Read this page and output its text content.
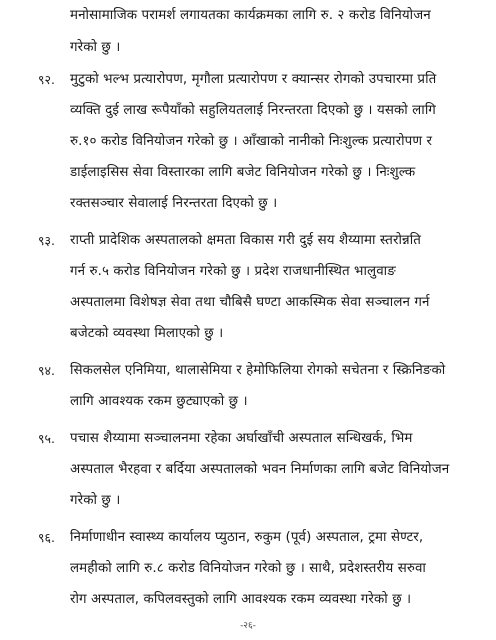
मनोसामाजिक परामर्श लगायतका कार्यक्रमका लागि रु. २ करोड विनियोजन
गरेको छु ।
९२. मुटुको भल्भ प्रत्यारोपण, मृगौला प्रत्यारोपण र क्यान्सर रोगको उपचारमा प्रति
व्यक्ति दुई लाख रूपैयाँको सहुलियतलाई निरन्तरता दिएको छु । यसको लागि
रु.१० करोड विनियोजन गरेको छु । आँखाको नानीको निःशुल्क प्रत्यारोपण र
डाईलाइसिस सेवा विस्तारका लागि बजेट विनियोजन गरेको छु । निःशुल्क
रक्तसञ्चार सेवालाई निरन्तरता दिएको छु ।
९३. राप्ती प्रादेशिक अस्पतालको क्षमता विकास गरी दुई सय शैय्यामा स्तरोन्नति
गर्न रु.५ करोड विनियोजन गरेको छु । प्रदेश राजधानीस्थित भालुवाङ
अस्पतालमा विशेषज्ञ सेवा तथा चौबिसै घण्टा आकस्मिक सेवा सञ्चालन गर्न
बजेटको व्यवस्था मिलाएको छु ।
९४. सिकलसेल एनिमिया, थालासेमिया र हेमोफिलिया रोगको सचेतना र स्क्रिनिङको
लागि आवश्यक रकम छुट्याएको छु ।
९५. पचास शैय्यामा सञ्चालनमा रहेका अर्घाखाँची अस्पताल सन्धिखर्क, भिम
अस्पताल भैरहवा र बर्दिया अस्पतालको भवन निर्माणका लागि बजेट विनियोजन
गरेको छु ।
९६. निर्माणाधीन स्वास्थ्य कार्यालय प्युठान, रुकुम (पूर्व) अस्पताल, ट्रमा सेण्टर,
लमहीको लागि रु.८ करोड विनियोजन गरेको छु । साथै, प्रदेशस्तरीय सरुवा
रोग अस्पताल, कपिलवस्तुको लागि आवश्यक रकम व्यवस्था गरेको छु ।
-२६-
